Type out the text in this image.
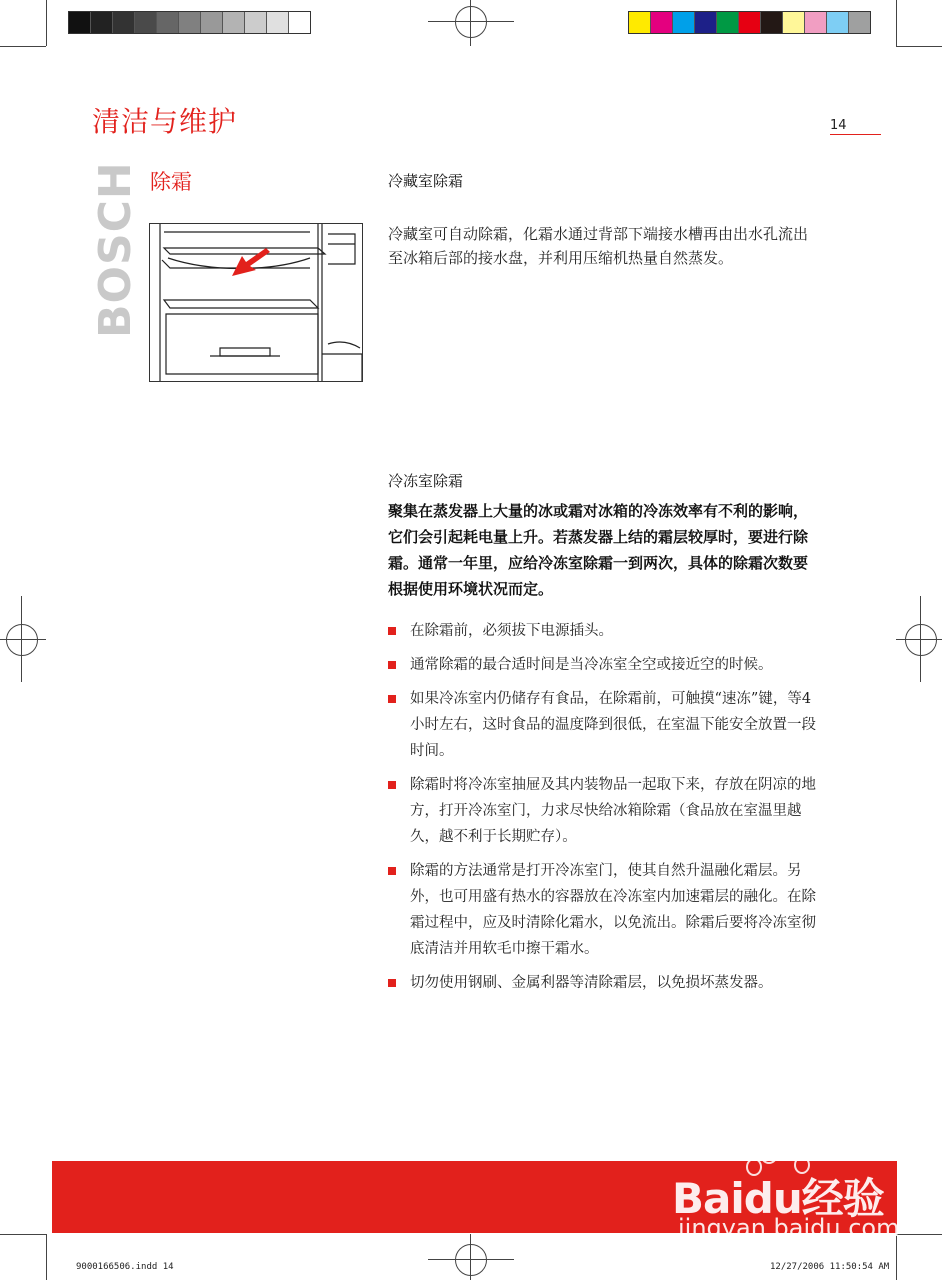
清洁与维护	14
BOSCH 除霜	冷藏室除霜
冷藏室可自动除霜，化霜水通过背部下端接水槽再由出水孔流出至冰箱后部的接水盘，并利用压缩机热量自然蒸发。
冷冻室除霜
聚集在蒸发器上大量的冰或霜对冰箱的冷冻效率有不利的影响，它们会引起耗电量上升。若蒸发器上结的霜层较厚时，要进行除霜。通常一年里，应给冷冻室除霜一到两次，具体的除霜次数要根据使用环境状况而定。
在除霜前，必须拔下电源插头。
通常除霜的最合适时间是当冷冻室全空或接近空的时候。
如果冷冻室内仍储存有食品，在除霜前，可触摸“速冻”键，等4小时左右，这时食品的温度降到很低，在室温下能安全放置一段时间。
除霜时将冷冻室抽屉及其内装物品一起取下来，存放在阴凉的地方，打开冷冻室门，力求尽快给冰箱除霜（食品放在室温里越久，越不利于长期贮存）。
除霜的方法通常是打开冷冻室门，使其自然升温融化霜层。另外，也可用盛有热水的容器放在冷冻室内加速霜层的融化。在除霜过程中，应及时清除化霜水，以免流出。除霜后要将冷冻室彻底清洁并用软毛巾擦干霜水。
切勿使用钢刷、金属利器等清除霜层，以免损坏蒸发器。
Baidu经验
jingyan.baidu.com
9000166506.indd 14	12/27/2006 11:50:54 AM
